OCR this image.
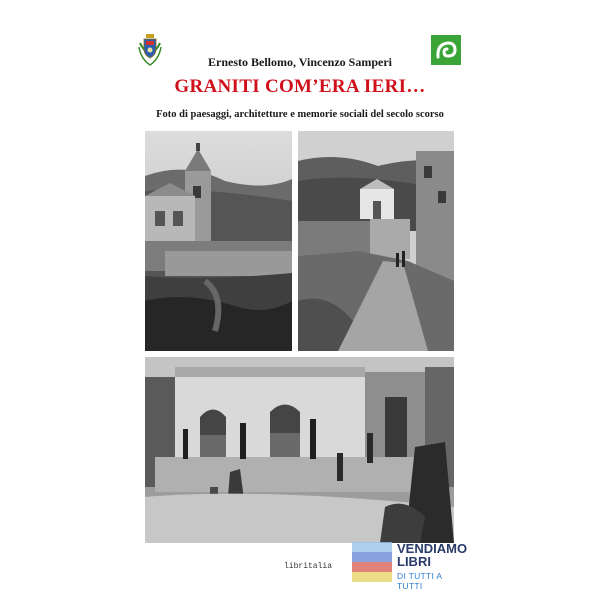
Ernesto Bellomo, Vincenzo Samperi
GRANITI COM’ERA IERI…
Foto di paesaggi, architetture e memorie sociali del secolo scorso
libritalia
VENDIAMO
LIBRI
DI TUTTI A TUTTI
